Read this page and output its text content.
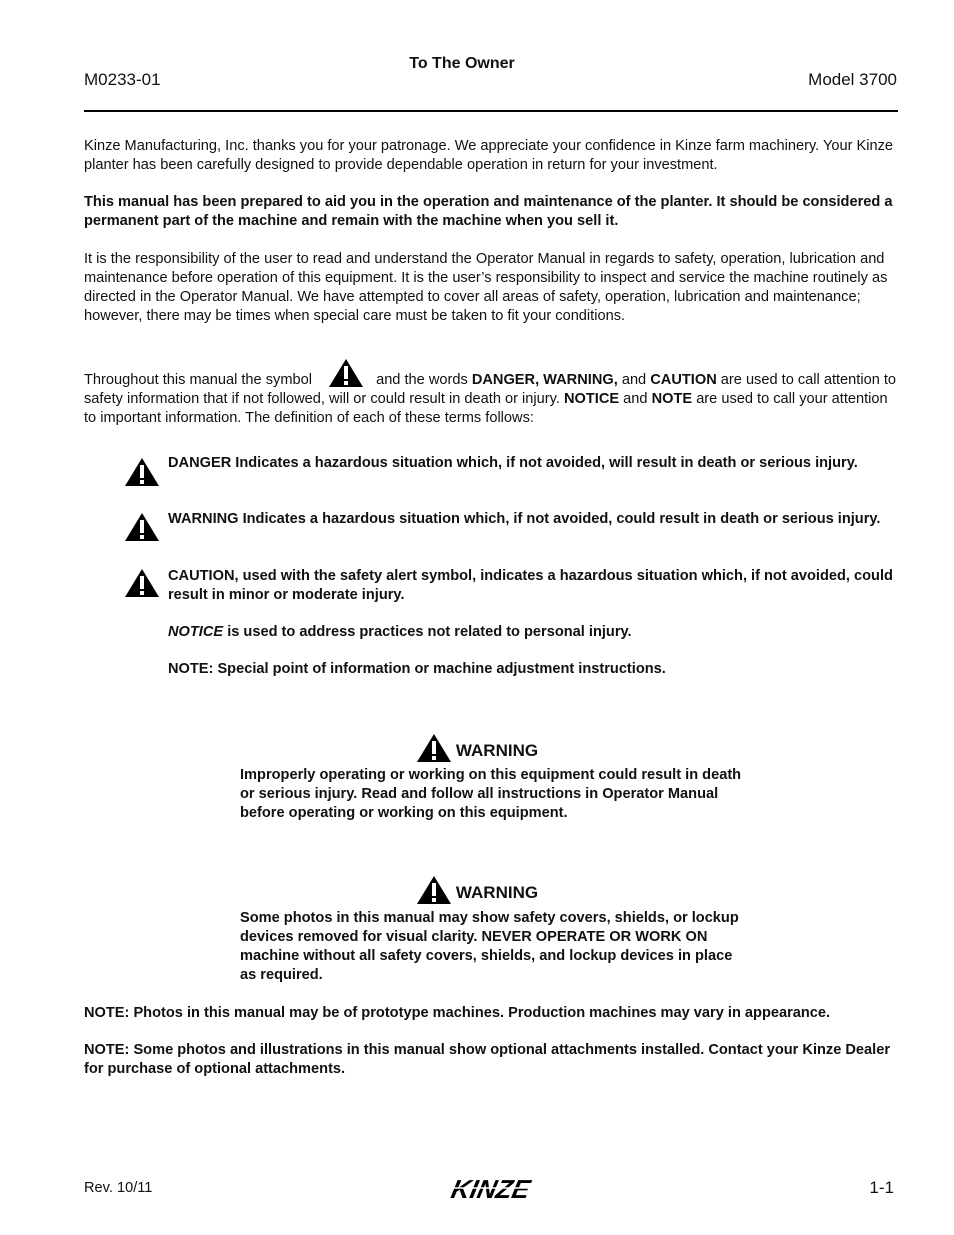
M0233-01
To The Owner
Model 3700
Kinze Manufacturing, Inc. thanks you for your patronage. We appreciate your confidence in Kinze farm machinery. Your Kinze planter has been carefully designed to provide dependable operation in return for your investment.
This manual has been prepared to aid you in the operation and maintenance of the planter. It should be considered a permanent part of the machine and remain with the machine when you sell it.
It is the responsibility of the user to read and understand the Operator Manual in regards to safety, operation, lubrication and maintenance before operation of this equipment. It is the user’s responsibility to inspect and service the machine routinely as directed in the Operator Manual. We have attempted to cover all areas of safety, operation, lubrication and maintenance; however, there may be times when special care must be taken to fit your conditions.
Throughout this manual the symbol	and the words DANGER, WARNING, and CAUTION are used to call attention to safety information that if not followed, will or could result in death or injury. NOTICE and NOTE are used to call your attention to important information. The definition of each of these terms follows:
DANGER Indicates a hazardous situation which, if not avoided, will result in death or serious injury.
WARNING Indicates a hazardous situation which, if not avoided, could result in death or serious injury.
CAUTION, used with the safety alert symbol, indicates a hazardous situation which, if not avoided, could result in minor or moderate injury.
NOTICE is used to address practices not related to personal injury.
NOTE: Special point of information or machine adjustment instructions.
WARNING
Improperly operating or working on this equipment could result in death or serious injury. Read and follow all instructions in Operator Manual before operating or working on this equipment.
WARNING
Some photos in this manual may show safety covers, shields, or lockup devices removed for visual clarity. NEVER OPERATE OR WORK ON machine without all safety covers, shields, and lockup devices in place as required.
NOTE: Photos in this manual may be of prototype machines. Production machines may vary in appearance.
NOTE: Some photos and illustrations in this manual show optional attachments installed. Contact your Kinze Dealer for purchase of optional attachments.
Rev. 10/11	KINZE	1-1
